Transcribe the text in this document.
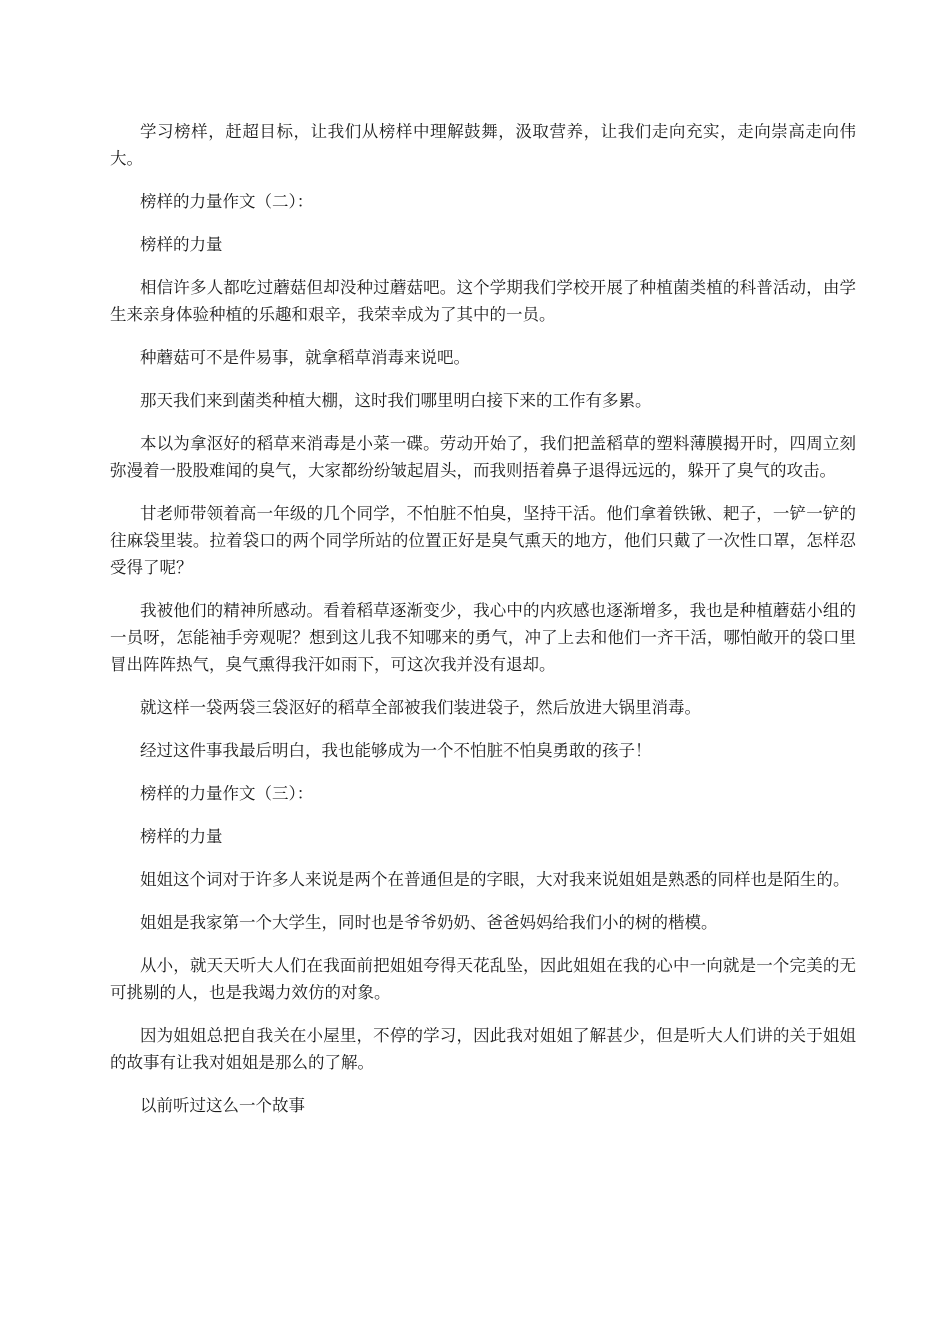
学习榜样，赶超目标，让我们从榜样中理解鼓舞，汲取营养，让我们走向充实，走向崇高走向伟大。

榜样的力量作文（二）：

榜样的力量

相信许多人都吃过蘑菇但却没种过蘑菇吧。这个学期我们学校开展了种植菌类植的科普活动，由学生来亲身体验种植的乐趣和艰辛，我荣幸成为了其中的一员。

种蘑菇可不是件易事，就拿稻草消毒来说吧。

那天我们来到菌类种植大棚，这时我们哪里明白接下来的工作有多累。

本以为拿沤好的稻草来消毒是小菜一碟。劳动开始了，我们把盖稻草的塑料薄膜揭开时，四周立刻弥漫着一股股难闻的臭气，大家都纷纷皱起眉头，而我则捂着鼻子退得远远的，躲开了臭气的攻击。

甘老师带领着高一年级的几个同学，不怕脏不怕臭，坚持干活。他们拿着铁锹、耙子，一铲一铲的往麻袋里装。拉着袋口的两个同学所站的位置正好是臭气熏天的地方，他们只戴了一次性口罩，怎样忍受得了呢？

我被他们的精神所感动。看着稻草逐渐变少，我心中的内疚感也逐渐增多，我也是种植蘑菇小组的一员呀，怎能袖手旁观呢？想到这儿我不知哪来的勇气，冲了上去和他们一齐干活，哪怕敞开的袋口里冒出阵阵热气，臭气熏得我汗如雨下，可这次我并没有退却。

就这样一袋两袋三袋沤好的稻草全部被我们装进袋子，然后放进大锅里消毒。

经过这件事我最后明白，我也能够成为一个不怕脏不怕臭勇敢的孩子！

榜样的力量作文（三）：

榜样的力量

姐姐这个词对于许多人来说是两个在普通但是的字眼，大对我来说姐姐是熟悉的同样也是陌生的。

姐姐是我家第一个大学生，同时也是爷爷奶奶、爸爸妈妈给我们小的树的楷模。

从小，就天天听大人们在我面前把姐姐夸得天花乱坠，因此姐姐在我的心中一向就是一个完美的无可挑剔的人，也是我竭力效仿的对象。

因为姐姐总把自我关在小屋里，不停的学习，因此我对姐姐了解甚少，但是听大人们讲的关于姐姐的故事有让我对姐姐是那么的了解。

以前听过这么一个故事
